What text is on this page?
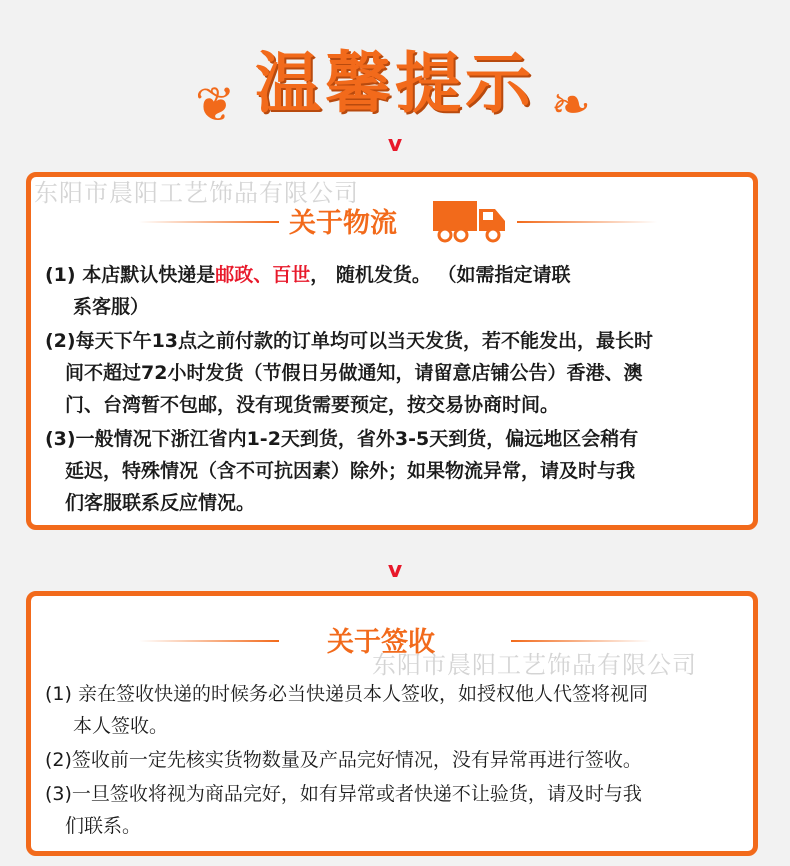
❦ 温馨提示 ❧
v
关于物流
(1) 本店默认快递是邮政、百世， 随机发货。 （如需指定请联
系客服）
(2)每天下午13点之前付款的订单均可以当天发货，若不能发出，最长时
间不超过72小时发货（节假日另做通知，请留意店铺公告）香港、澳
门、台湾暂不包邮，没有现货需要预定，按交易协商时间。
(3)一般情况下浙江省内1-2天到货，省外3-5天到货，偏远地区会稍有
延迟，特殊情况（含不可抗因素）除外；如果物流异常，请及时与我
们客服联系反应情况。
东阳市晨阳工艺饰品有限公司
v
关于签收
(1) 亲在签收快递的时候务必当快递员本人签收，如授权他人代签将视同
本人签收。
(2)签收前一定先核实货物数量及产品完好情况，没有异常再进行签收。
(3)一旦签收将视为商品完好，如有异常或者快递不让验货，请及时与我
们联系。
东阳市晨阳工艺饰品有限公司
